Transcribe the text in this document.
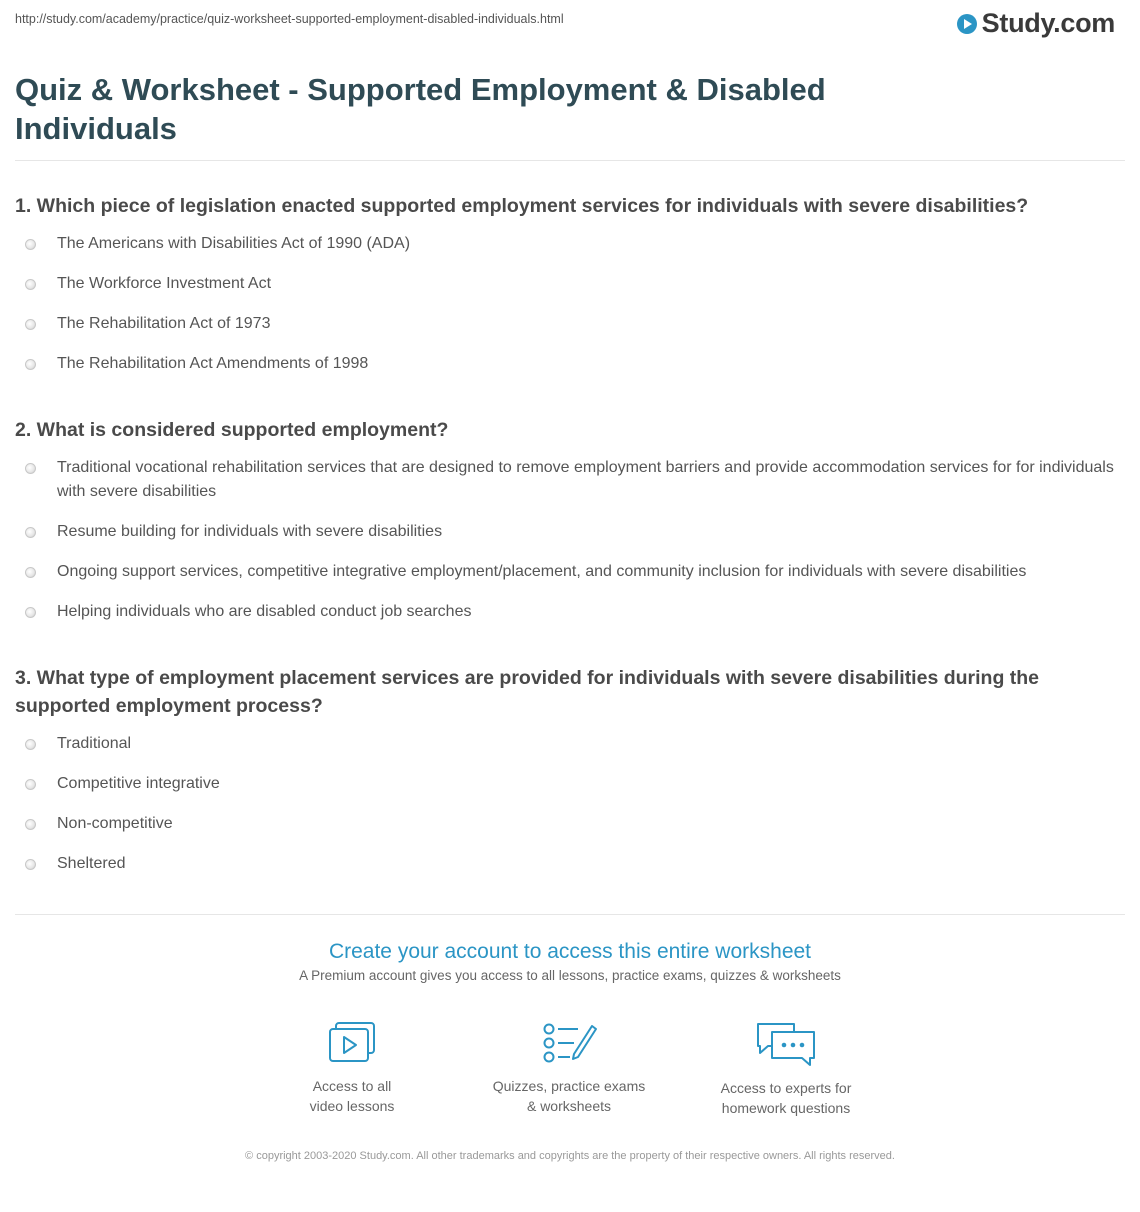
http://study.com/academy/practice/quiz-worksheet-supported-employment-disabled-individuals.html	Study.com
Quiz & Worksheet - Supported Employment & Disabled Individuals
1. Which piece of legislation enacted supported employment services for individuals with severe disabilities?
The Americans with Disabilities Act of 1990 (ADA)
The Workforce Investment Act
The Rehabilitation Act of 1973
The Rehabilitation Act Amendments of 1998
2. What is considered supported employment?
Traditional vocational rehabilitation services that are designed to remove employment barriers and provide accommodation services for for individuals with severe disabilities
Resume building for individuals with severe disabilities
Ongoing support services, competitive integrative employment/placement, and community inclusion for individuals with severe disabilities
Helping individuals who are disabled conduct job searches
3. What type of employment placement services are provided for individuals with severe disabilities during the supported employment process?
Traditional
Competitive integrative
Non-competitive
Sheltered
Create your account to access this entire worksheet
A Premium account gives you access to all lessons, practice exams, quizzes & worksheets
Access to all
video lessons
Quizzes, practice exams
& worksheets
Access to experts for
homework questions
© copyright 2003-2020 Study.com. All other trademarks and copyrights are the property of their respective owners. All rights reserved.
